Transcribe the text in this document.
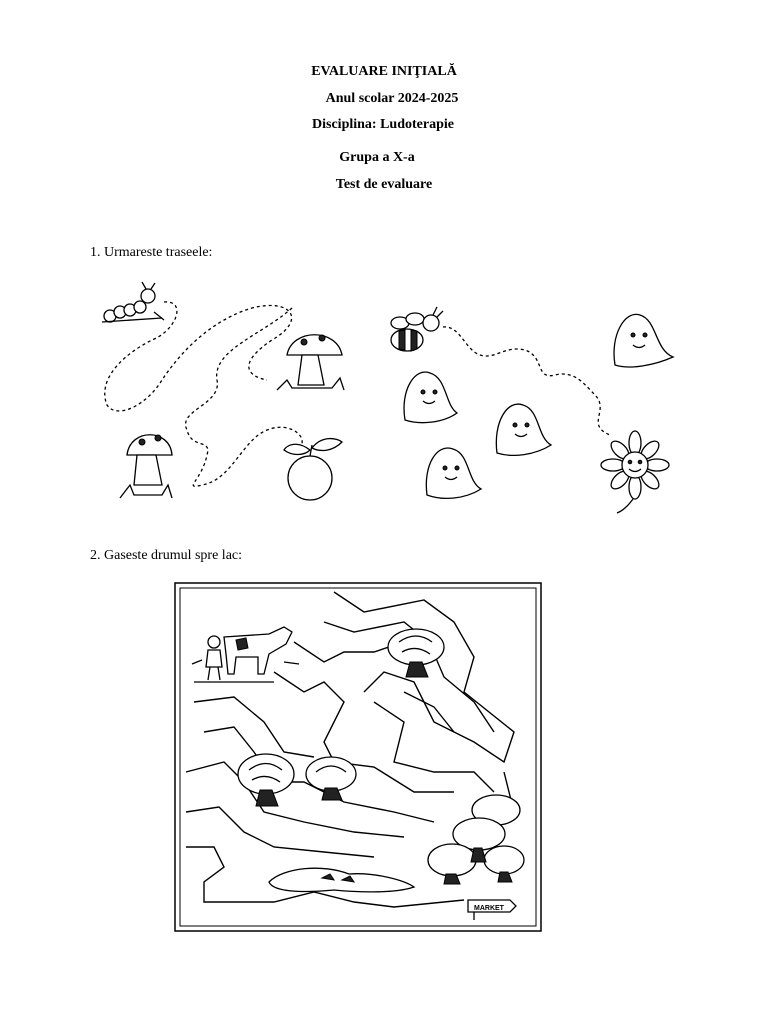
EVALUARE INIŢIALĂ
Anul scolar 2024-2025
Disciplina: Ludoterapie
Grupa a X-a
Test de evaluare
1. Urmareste traseele:
2. Gaseste drumul spre lac:
MARKET
